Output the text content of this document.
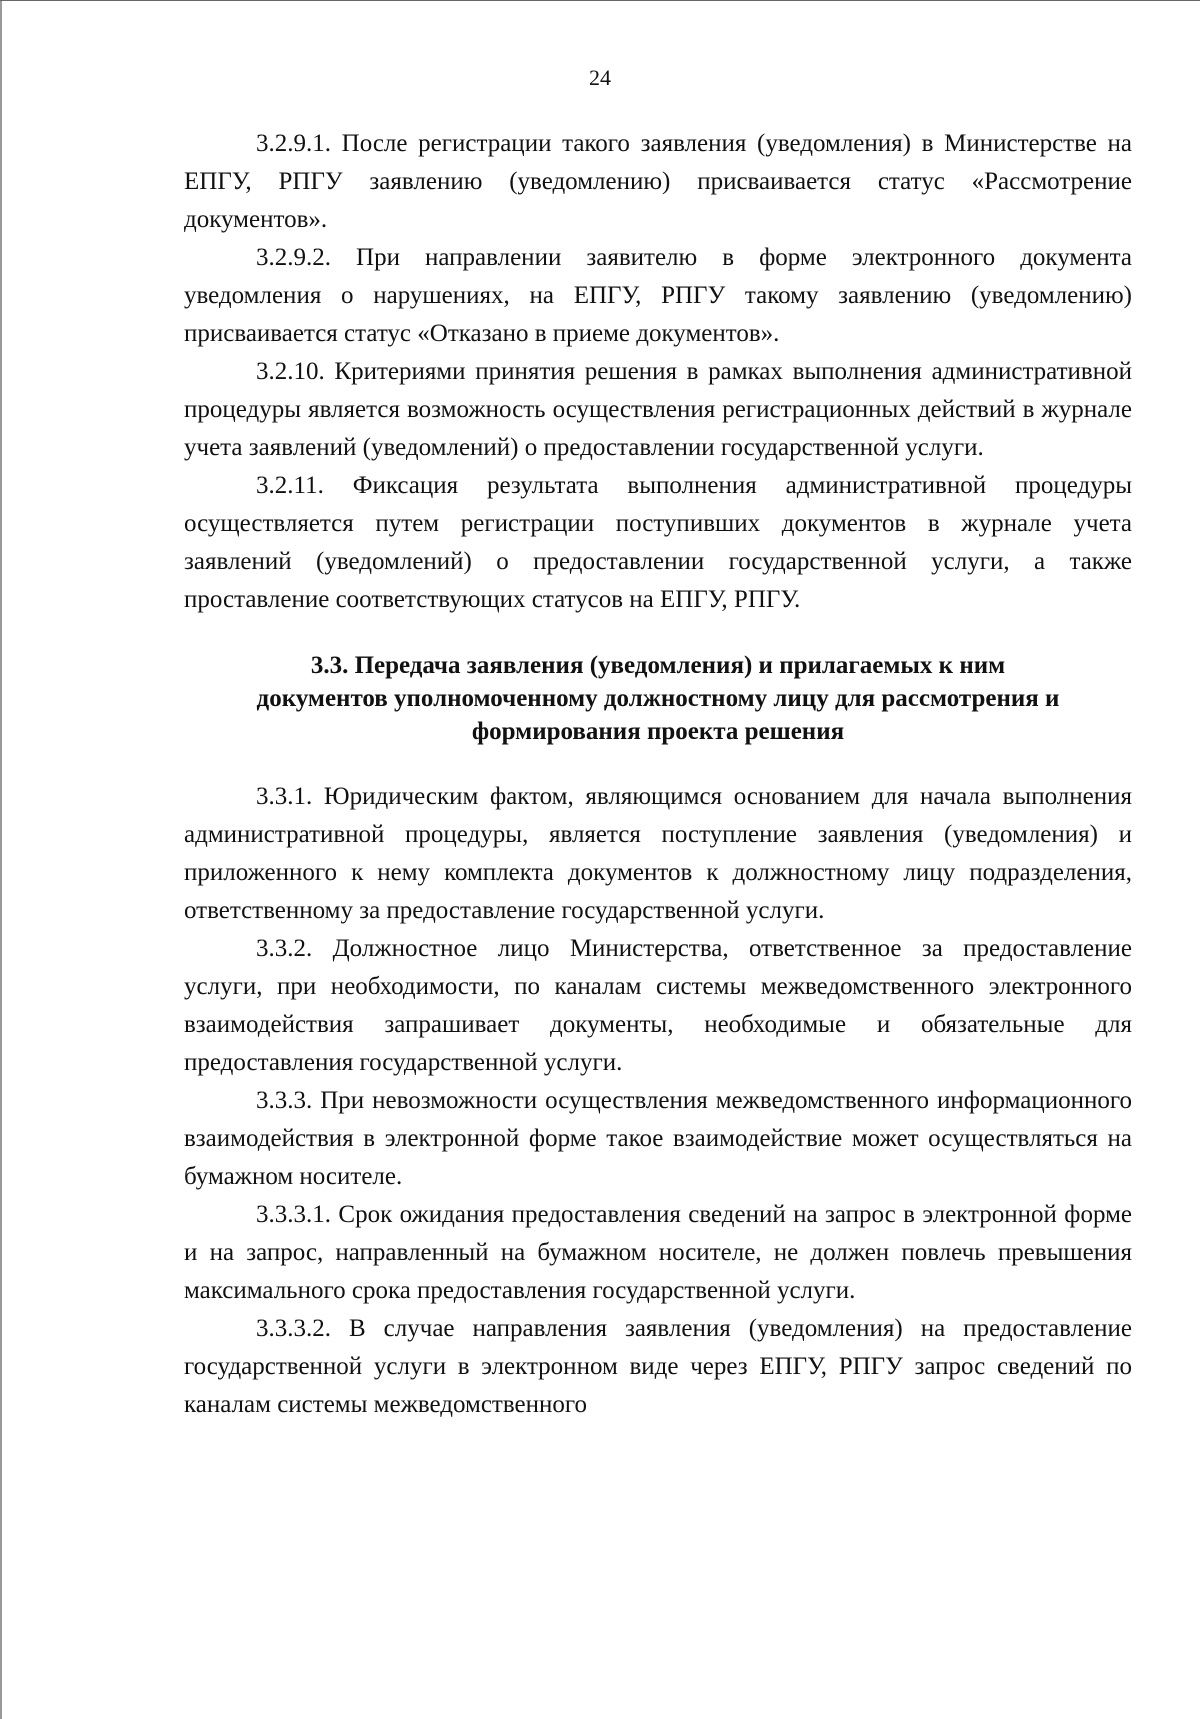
24

3.2.9.1. После регистрации такого заявления (уведомления) в Министерстве на ЕПГУ, РПГУ заявлению (уведомлению) присваивается статус «Рассмотрение документов».

3.2.9.2. При направлении заявителю в форме электронного документа уведомления о нарушениях, на ЕПГУ, РПГУ такому заявлению (уведомлению) присваивается статус «Отказано в приеме документов».

3.2.10. Критериями принятия решения в рамках выполнения административной процедуры является возможность осуществления регистрационных действий в журнале учета заявлений (уведомлений) о предоставлении государственной услуги.

3.2.11. Фиксация результата выполнения административной процедуры осуществляется путем регистрации поступивших документов в журнале учета заявлений (уведомлений) о предоставлении государственной услуги, а также проставление соответствующих статусов на ЕПГУ, РПГУ.

3.3. Передача заявления (уведомления) и прилагаемых к ним
документов уполномоченному должностному лицу для рассмотрения и
формирования проекта решения

3.3.1. Юридическим фактом, являющимся основанием для начала выполнения административной процедуры, является поступление заявления (уведомления) и приложенного к нему комплекта документов к должностному лицу подразделения, ответственному за предоставление государственной услуги.

3.3.2. Должностное лицо Министерства, ответственное за предоставление услуги, при необходимости, по каналам системы межведомственного электронного взаимодействия запрашивает документы, необходимые и обязательные для предоставления государственной услуги.

3.3.3. При невозможности осуществления межведомственного информационного взаимодействия в электронной форме такое взаимодействие может осуществляться на бумажном носителе.

3.3.3.1. Срок ожидания предоставления сведений на запрос в электронной форме и на запрос, направленный на бумажном носителе, не должен повлечь превышения максимального срока предоставления государственной услуги.

3.3.3.2. В случае направления заявления (уведомления) на предоставление государственной услуги в электронном виде через ЕПГУ, РПГУ запрос сведений по каналам системы межведомственного
